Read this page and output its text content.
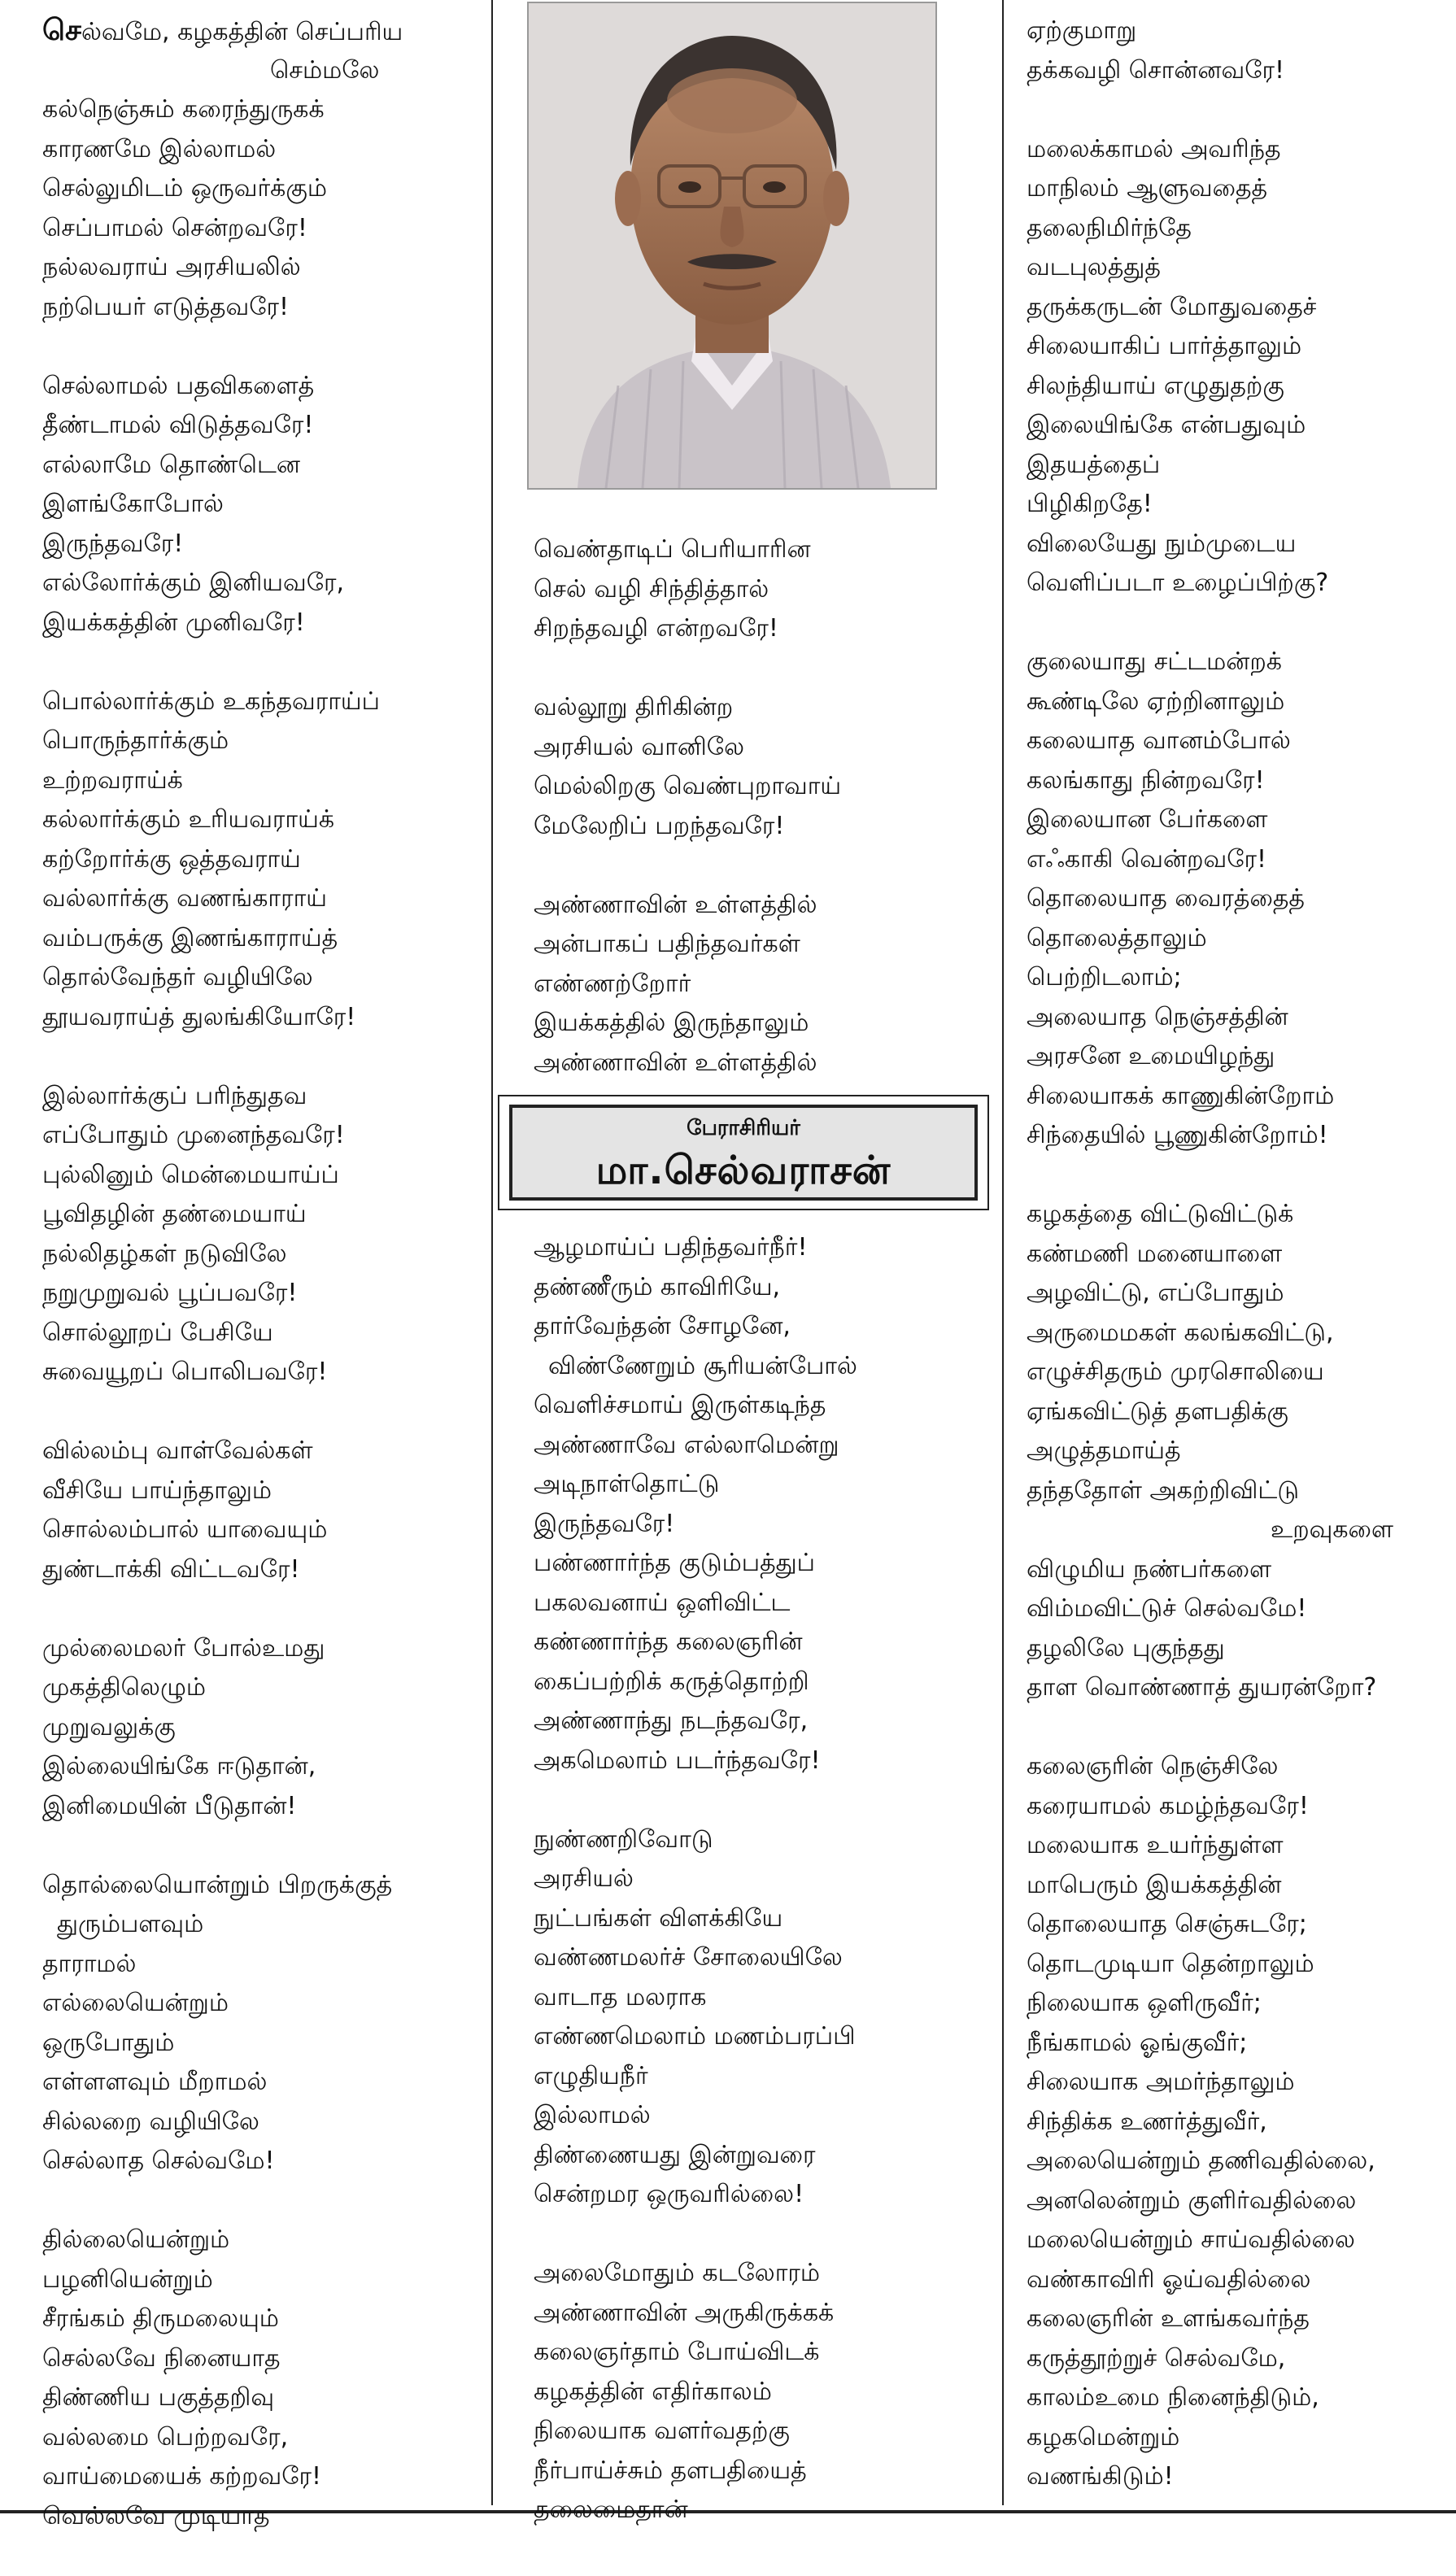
செல்வமே, கழகத்தின் செப்பரிய
செம்மலே
கல்நெஞ்சும் கரைந்துருகக்
காரணமே இல்லாமல்
செல்லுமிடம் ஒருவர்க்கும்
செப்பாமல் சென்றவரே!
நல்லவராய் அரசியலில்
நற்பெயர் எடுத்தவரே!
செல்லாமல் பதவிகளைத்
தீண்டாமல் விடுத்தவரே!
எல்லாமே தொண்டென
இளங்கோபோல்
இருந்தவரே!
எல்லோர்க்கும் இனியவரே,
இயக்கத்தின் முனிவரே!
பொல்லார்க்கும் உகந்தவராய்ப்
பொருந்தார்க்கும்
உற்றவராய்க்
கல்லார்க்கும் உரியவராய்க்
கற்றோர்க்கு ஒத்தவராய்
வல்லார்க்கு வணங்காராய்
வம்பருக்கு இணங்காராய்த்
தொல்வேந்தர் வழியிலே
தூயவராய்த் துலங்கியோரே!
இல்லார்க்குப் பரிந்துதவ
எப்போதும் முனைந்தவரே!
புல்லினும் மென்மையாய்ப்
பூவிதழின் தண்மையாய்
நல்லிதழ்கள் நடுவிலே
நறுமுறுவல் பூப்பவரே!
சொல்லூறப் பேசியே
சுவையூறப் பொலிபவரே!
வில்லம்பு வாள்வேல்கள்
வீசியே பாய்ந்தாலும்
சொல்லம்பால் யாவையும்
துண்டாக்கி விட்டவரே!
முல்லைமலர் போல்உமது
முகத்திலெழும்
முறுவலுக்கு
இல்லையிங்கே ஈடுதான்,
இனிமையின் பீடுதான்!
தொல்லையொன்றும் பிறருக்குத்
துரும்பளவும்
தாராமல்
எல்லையென்றும்
ஒருபோதும்
எள்ளளவும் மீறாமல்
சில்லறை வழியிலே
செல்லாத செல்வமே!
தில்லையென்றும்
பழனியென்றும்
சீரங்கம் திருமலையும்
செல்லவே நினையாத
திண்ணிய பகுத்தறிவு
வல்லமை பெற்றவரே,
வாய்மையைக் கற்றவரே!
வெல்லவே முடியாத
வெண்தாடிப் பெரியாரின
செல் வழி சிந்தித்தால்
சிறந்தவழி என்றவரே!
வல்லூறு திரிகின்ற
அரசியல் வானிலே
மெல்லிறகு வெண்புறாவாய்
மேலேறிப் பறந்தவரே!
அண்ணாவின் உள்ளத்தில்
அன்பாகப் பதிந்தவர்கள்
எண்ணற்றோர்
இயக்கத்தில் இருந்தாலும்
அண்ணாவின் உள்ளத்தில்
பேராசிரியர்
மா.செல்வராசன்
ஆழமாய்ப் பதிந்தவர்நீர்!
தண்ணீரும் காவிரியே,
தார்வேந்தன் சோழனே,
விண்ணேறும் சூரியன்போல்
வெளிச்சமாய் இருள்கடிந்த
அண்ணாவே எல்லாமென்று
அடிநாள்தொட்டு
இருந்தவரே!
பண்ணார்ந்த குடும்பத்துப்
பகலவனாய் ஒளிவிட்ட
கண்ணார்ந்த கலைஞரின்
கைப்பற்றிக் கருத்தொற்றி
அண்ணாந்து நடந்தவரே,
அகமெலாம் படர்ந்தவரே!
நுண்ணறிவோடு
அரசியல்
நுட்பங்கள் விளக்கியே
வண்ணமலர்ச் சோலையிலே
வாடாத மலராக
எண்ணமெலாம் மணம்பரப்பி
எழுதியநீர்
இல்லாமல்
திண்ணையது இன்றுவரை
சென்றமர ஒருவரில்லை!
அலைமோதும் கடலோரம்
அண்ணாவின் அருகிருக்கக்
கலைஞர்தாம் போய்விடக்
கழகத்தின் எதிர்காலம்
நிலையாக வளர்வதற்கு
நீர்பாய்ச்சும் தளபதியைத்
தலைமைதான்
ஏற்குமாறு
தக்கவழி சொன்னவரே!
மலைக்காமல் அவரிந்த
மாநிலம் ஆளுவதைத்
தலைநிமிர்ந்தே
வடபுலத்துத்
தருக்கருடன் மோதுவதைச்
சிலையாகிப் பார்த்தாலும்
சிலந்தியாய் எழுதுதற்கு
இலையிங்கே என்பதுவும்
இதயத்தைப்
பிழிகிறதே!
விலையேது நும்முடைய
வெளிப்படா உழைப்பிற்கு?
குலையாது சட்டமன்றக்
கூண்டிலே ஏற்றினாலும்
கலையாத வானம்போல்
கலங்காது நின்றவரே!
இலையான பேர்களை
எஃகாகி வென்றவரே!
தொலையாத வைரத்தைத்
தொலைத்தாலும்
பெற்றிடலாம்;
அலையாத நெஞ்சத்தின்
அரசனே உமையிழந்து
சிலையாகக் காணுகின்றோம்
சிந்தையில் பூணுகின்றோம்!
கழகத்தை விட்டுவிட்டுக்
கண்மணி மனையாளை
அழவிட்டு, எப்போதும்
அருமைமகள் கலங்கவிட்டு,
எழுச்சிதரும் முரசொலியை
ஏங்கவிட்டுத் தளபதிக்கு
அழுத்தமாய்த்
தந்ததோள் அகற்றிவிட்டு
உறவுகளை
விழுமிய நண்பர்களை
விம்மவிட்டுச் செல்வமே!
தழலிலே புகுந்தது
தாள வொண்ணாத் துயரன்றோ?
கலைஞரின் நெஞ்சிலே
கரையாமல் கமழ்ந்தவரே!
மலையாக உயர்ந்துள்ள
மாபெரும் இயக்கத்தின்
தொலையாத செஞ்சுடரே;
தொடமுடியா தென்றாலும்
நிலையாக ஒளிருவீர்;
நீங்காமல் ஓங்குவீர்;
சிலையாக அமர்ந்தாலும்
சிந்திக்க உணர்த்துவீர்,
அலையென்றும் தணிவதில்லை,
அனலென்றும் குளிர்வதில்லை
மலையென்றும் சாய்வதில்லை
வண்காவிரி ஓய்வதில்லை
கலைஞரின் உளங்கவர்ந்த
கருத்தூற்றுச் செல்வமே,
காலம்உமை நினைந்திடும்,
கழகமென்றும்
வணங்கிடும்!
